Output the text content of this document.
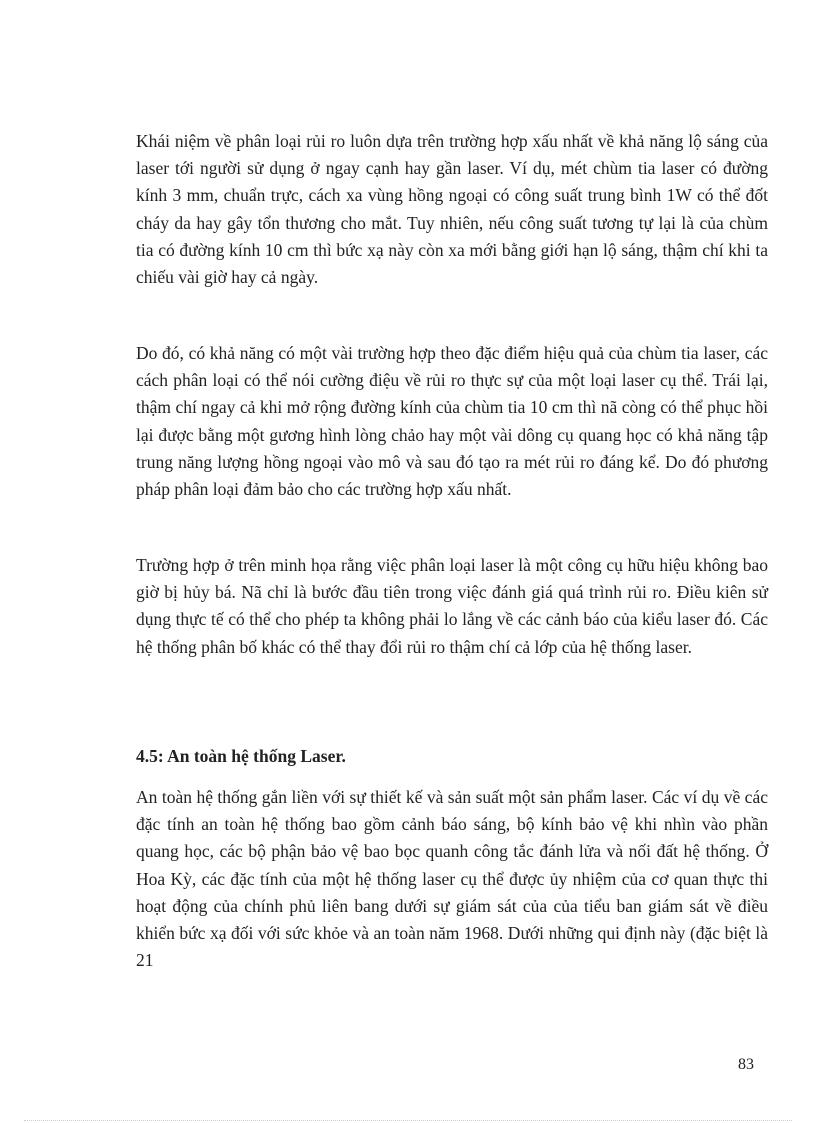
Khái niệm về phân loại rủi ro luôn dựa trên trường hợp xấu nhất về khả năng lộ sáng của laser tới người sử dụng ở ngay cạnh hay gần laser. Ví dụ, mét chùm tia laser có đường kính 3 mm, chuẩn trực, cách xa vùng hồng ngoại có công suất trung bình 1W có thể đốt cháy da hay gây tổn thương cho mắt. Tuy nhiên, nếu công suất tương tự lại là của chùm tia có đường kính 10 cm thì bức xạ này còn xa mới bằng giới hạn lộ sáng, thậm chí khi ta chiếu vài giờ hay cả ngày.

Do đó, có khả năng có một vài trường hợp theo đặc điểm hiệu quả của chùm tia laser, các cách phân loại có thể nói cường điệu về rủi ro thực sự của một loại laser cụ thể. Trái lại, thậm chí ngay cả khi mở rộng đường kính của chùm tia 10 cm thì nã còng có thể phục hồi lại được bằng một gương hình lòng chảo hay một vài dông cụ quang học có khả năng tập trung năng lượng hồng ngoại vào mô và sau đó tạo ra mét rủi ro đáng kể. Do đó phương pháp phân loại đảm bảo cho các trường hợp xấu nhất.

Trường hợp ở trên minh họa rằng việc phân loại laser là một công cụ hữu hiệu không bao giờ bị hủy bá. Nã chỉ là bước đầu tiên trong việc đánh giá quá trình rủi ro. Điều kiên sử dụng thực tế có thể cho phép ta không phải lo lắng về các cảnh báo của kiểu laser đó. Các hệ thống phân bố khác có thể thay đổi rủi ro thậm chí cả lớp của hệ thống laser.

4.5: An toàn hệ thống Laser.

An toàn hệ thống gắn liền với sự thiết kế và sản suất một sản phẩm laser. Các ví dụ về các đặc tính an toàn hệ thống bao gồm cảnh báo sáng, bộ kính bảo vệ khi nhìn vào phần quang học, các bộ phận bảo vệ bao bọc quanh công tắc đánh lửa và nối đất hệ thống. Ở Hoa Kỳ, các đặc tính của một hệ thống laser cụ thể được ủy nhiệm của cơ quan thực thi hoạt động của chính phủ liên bang dưới sự giám sát của của tiểu ban giám sát về điều khiển bức xạ đối với sức khỏe và an toàn năm 1968. Dưới những qui định này (đặc biệt là 21

83
